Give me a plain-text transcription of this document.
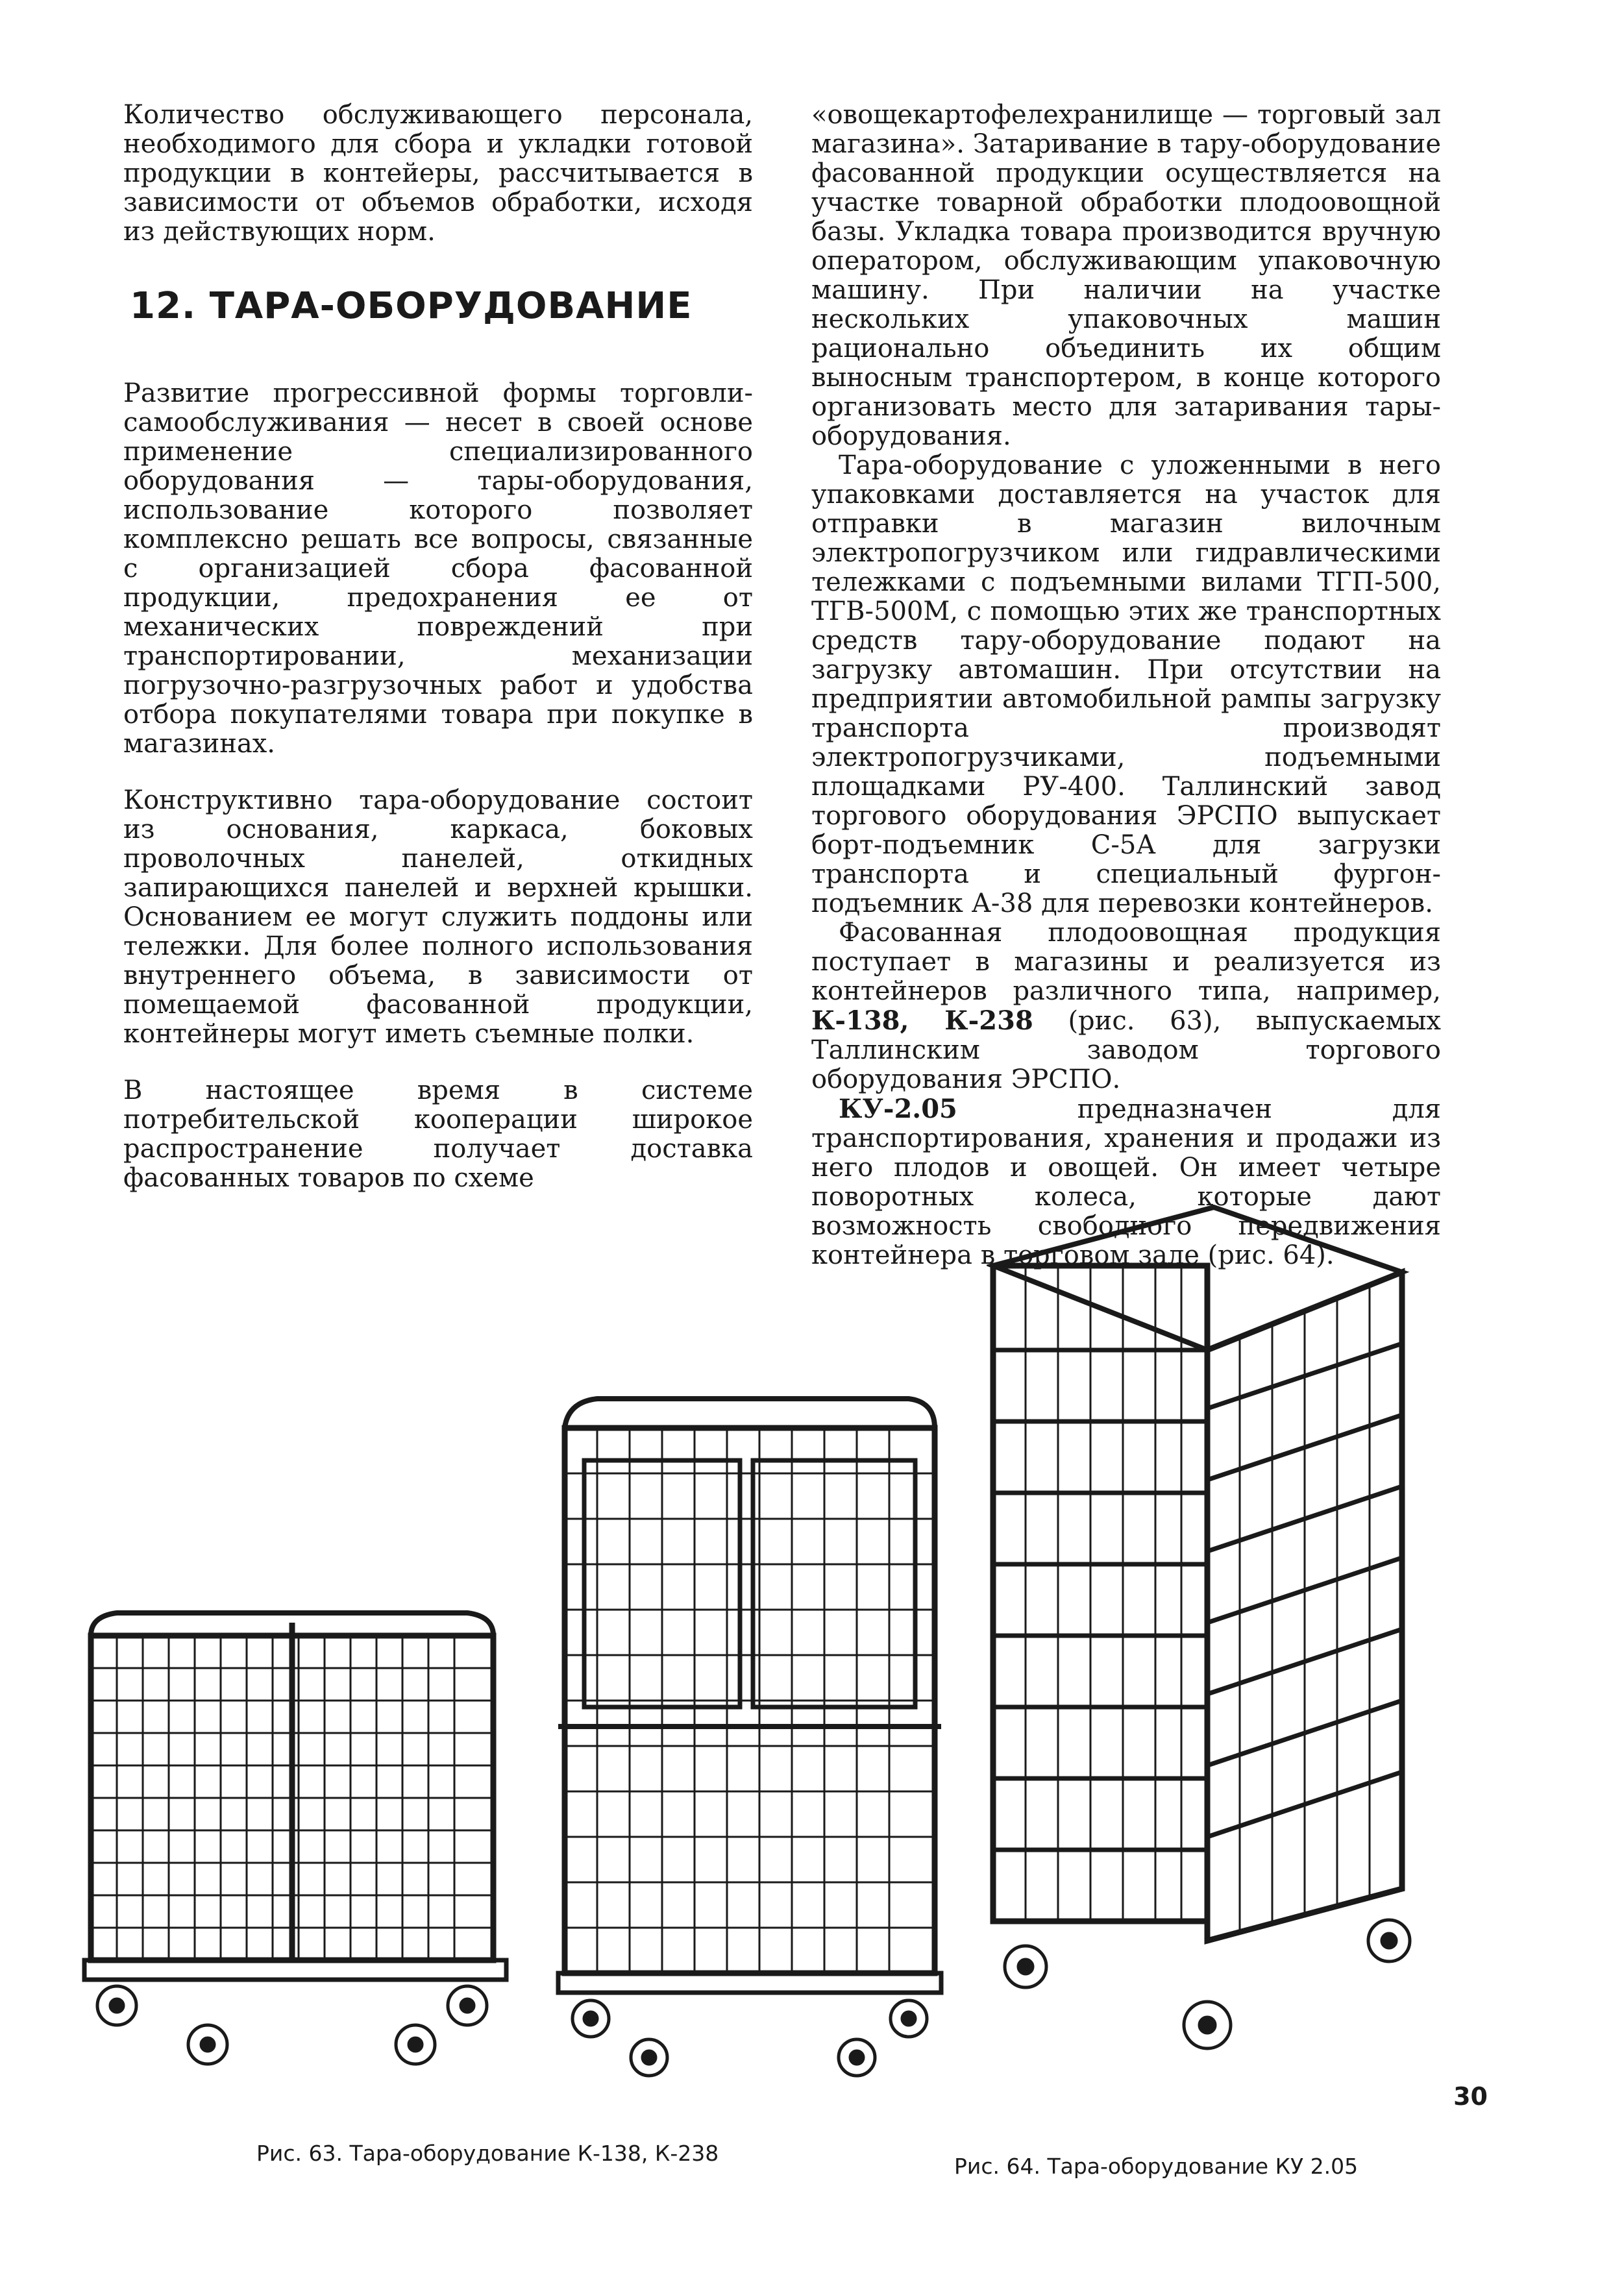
Количество обслуживающего персонала, необходимого для сбора и укладки готовой продукции в контейеры, рассчитывается в зависимости от объемов обработки, исходя из действующих норм.

12. ТАРА-ОБОРУДОВАНИЕ

Развитие прогрессивной формы торговли-самообслуживания — несет в своей основе применение специализированного оборудования — тары-оборудования, использование которого позволяет комплексно решать все вопросы, связанные с организацией сбора фасованной продукции, предохранения ее от механических повреждений при транспортировании, механизации погрузочно-разгрузочных работ и удобства отбора покупателями товара при покупке в магазинах.

Конструктивно тара-оборудование состоит из основания, каркаса, боковых проволочных панелей, откидных запирающихся панелей и верхней крышки. Основанием ее могут служить поддоны или тележки. Для более полного использования внутреннего объема, в зависимости от помещаемой фасованной продукции, контейнеры могут иметь съемные полки.

В настоящее время в системе потребительской кооперации широкое распространение получает доставка фасованных товаров по схеме

«овощекартофелехранилище — торговый зал магазина». Затаривание в тару-оборудование фасованной продукции осуществляется на участке товарной обработки плодоовощной базы. Укладка товара производится вручную оператором, обслуживающим упаковочную машину. При наличии на участке нескольких упаковочных машин рационально объединить их общим выносным транспортером, в конце которого организовать место для затаривания тары-оборудования.

Тара-оборудование с уложенными в него упаковками доставляется на участок для отправки в магазин вилочным электропогрузчиком или гидравлическими тележками с подъемными вилами ТГП-500, ТГВ-500М, с помощью этих же транспортных средств тару-оборудование подают на загрузку автомашин. При отсутствии на предприятии автомобильной рампы загрузку транспорта производят электропогрузчиками, подъемными площадками РУ-400. Таллинский завод торгового оборудования ЭРСПО выпускает борт-подъемник С-5А для загрузки транспорта и специальный фургон-подъемник А-38 для перевозки контейнеров.

Фасованная плодоовощная продукция поступает в магазины и реализуется из контейнеров различного типа, например, К-138, К-238 (рис. 63), выпускаемых Таллинским заводом торгового оборудования ЭРСПО.

КУ-2.05 предназначен для транспортирования, хранения и продажи из него плодов и овощей. Он имеет четыре поворотных колеса, которые дают возможность свободного передвижения контейнера в торговом зале (рис. 64).

Рис. 63. Тара-оборудование К-138, К-238
Рис. 64. Тара-оборудование КУ 2.05
30
